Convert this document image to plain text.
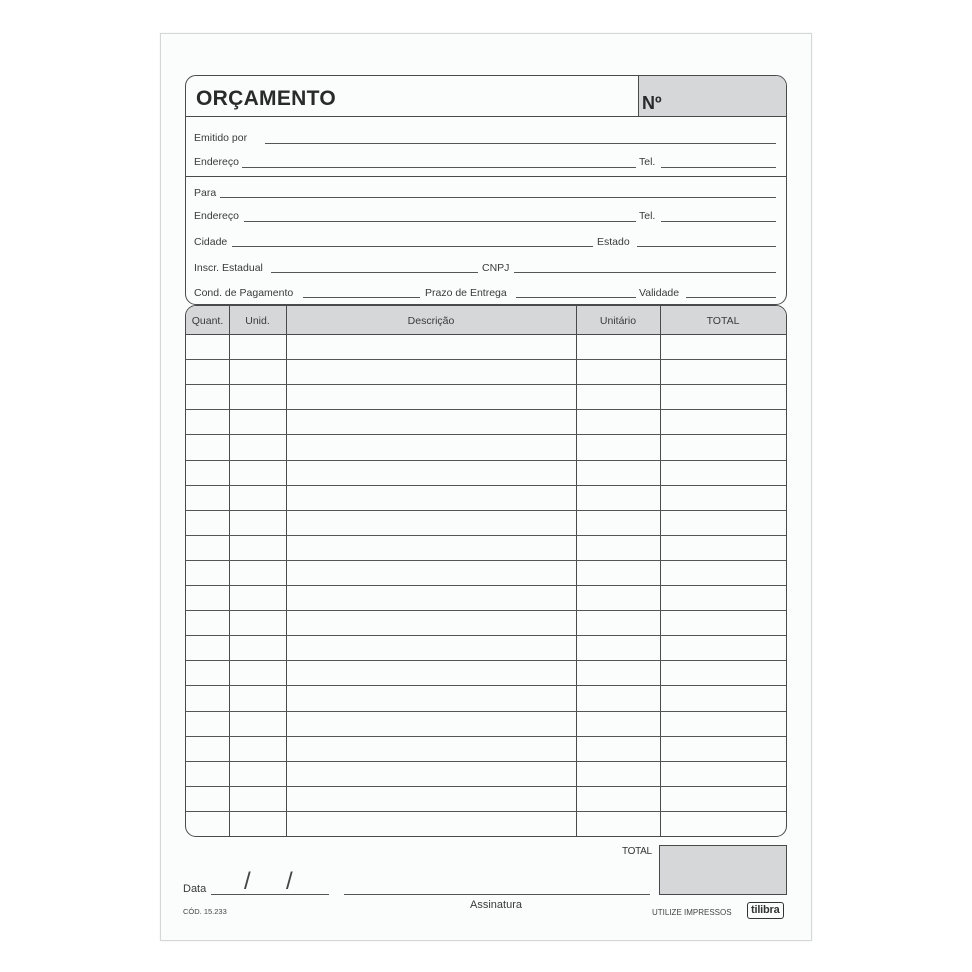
ORÇAMENTO	Nº
Emitido por
Endereço	Tel.
Para
Endereço	Tel.
Cidade	Estado
Inscr. Estadual	CNPJ
Cond. de Pagamento	Prazo de Entrega	Validade
Quant.	Unid.	Descrição	Unitário	TOTAL
TOTAL
Data / /
Assinatura
CÓD. 15.233	UTILIZE IMPRESSOS	tilibra
